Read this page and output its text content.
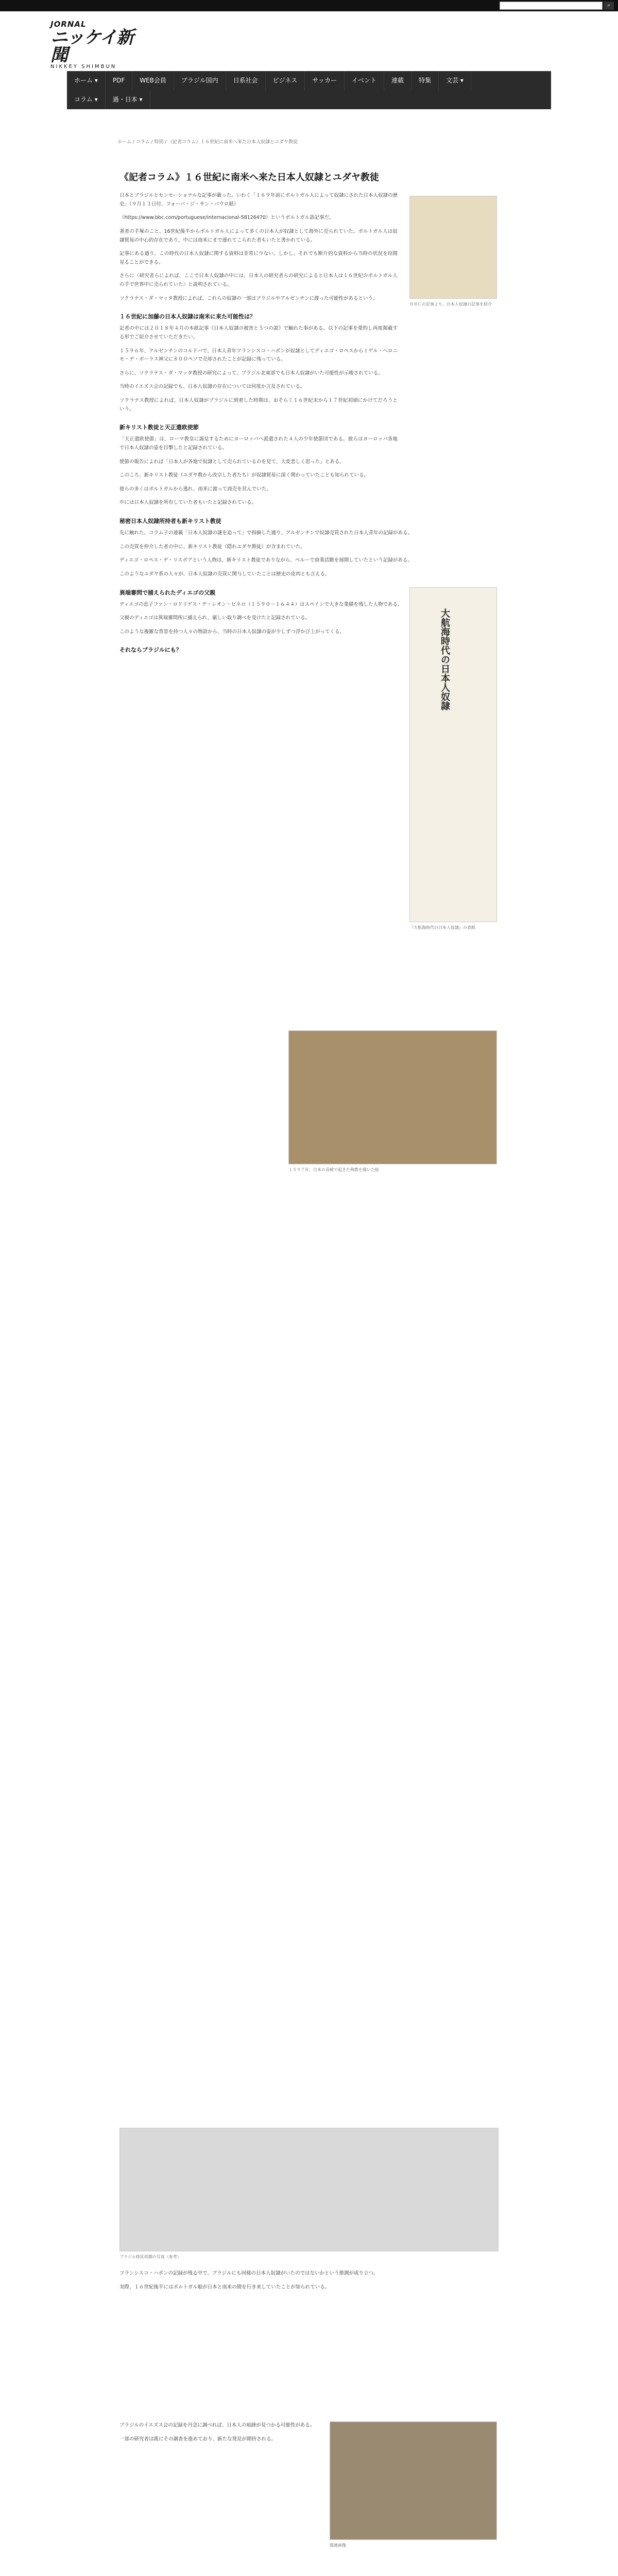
⌕
JORNAL
ニッケイ新聞
NIKKEY SHIMBUN
ホーム ▾	PDF	WEB会員	ブラジル国内	日系社会	ビジネス	サッカー	イベント	連載	特集	文芸 ▾
コラム ▾	過・日本 ▾
ホーム / コラム / 特別 / 《記者コラム》１６世紀に南米へ来た日本人奴隷とユダヤ教徒
《記者コラム》１６世紀に南米へ来た日本人奴隷とユダヤ教徒
日本とブラジルとセンセーショナルな記事が載った。いわく「１６９年前にポルトガル人によって奴隷にされた日本人奴隷の歴史」（９月１３日付、フォーバ・ジ・サン・パウロ紙）
（https://www.bbc.com/portuguese/internacional-58126470）というポルトガル語記事だ。
著者の手塚のこと、16世紀後半からポルトガル人によって多くの日本人が奴隷として海外に売られていた。ポルトガル人は奴隷貿易の中心的存在であり、中には南米にまで連れてこられた者もいたと書かれている。
記事にある通り、この時代の日本人奴隷に関する資料は非常に少ない。しかし、それでも断片的な資料から当時の状況を垣間見ることができる。
さらに〈研究者らによれば、ここで日本人奴隷の中には、日本人の研究者らの研究によると日本人は１６世紀のポルトガル人の手で世界中に売られていた〉と説明されている。
ソクラテス・ダ・マッタ教授によれば、これらの奴隷の一部はブラジルやアルゼンチンに渡った可能性があるという。
１６世紀に加藤の日本人奴隷は南米に来た可能性は？
記者の中には２０１８年４月の本紙記事《日本人奴隷の被害と５つの説》で触れた事がある。以下の記事を要約し再度掲載する形でご紹介させていただきたい。
１５９６年、アルゼンチンのコルドバで、日本人青年フランシスコ・ハポンが奴隷としてディエゴ・ロペスからミゲル・ヘロニモ・デ・ポーラス神父に８００ペソで売却されたことが記録に残っている。
さらに、ソクラテス・ダ・マッタ教授の研究によって、ブラジル北東部でも日本人奴隷がいた可能性が示唆されている。
当時のイエズス会の記録でも、日本人奴隷の存在については何度か言及されている。
ソクラテス教授によれば、日本人奴隷がブラジルに到着した時期は、おそらく１６世紀末から１７世紀初頭にかけてだろうという。
新キリスト教徒と天正遣欧使節
「天正遣欧使節」は、ローマ教皇に謁見するためにヨーロッパへ派遣された４人の少年使節団である。彼らはヨーロッパ各地で日本人奴隷の姿を目撃したと記録されている。
使節の報告によれば「日本人が各地で奴隷として売られているのを見て、大変悲しく思った」とある。
このころ、新キリスト教徒（ユダヤ教から改宗した者たち）が奴隷貿易に深く関わっていたことも知られている。
彼らの多くはポルトガルから逃れ、南米に渡って商売を営んでいた。
中には日本人奴隷を所有していた者もいたと記録されている。
秘密日本人奴隷所持者も新キリスト教徒
先に触れた、コラム子の連載「日本人奴隷の謎を追って」で指摘した通り、アルゼンチンで奴隷売買された日本人青年の記録がある。
この売買を仲介した者の中に、新キリスト教徒（隠れユダヤ教徒）が含まれていた。
ディエゴ・ロペス・デ・リスボアという人物は、新キリスト教徒でありながら、ペルーで商業活動を展開していたという記録がある。
このようなユダヤ系の人々が、日本人奴隷の売買に関与していたことは歴史の皮肉とも言える。
異端審問で捕えられたディエゴの父親
ディエゴの息子ファン・ロドリゲス・デ・レオン・ピネロ（１５９０〜１６４４）はスペインで大きな業績を残した人物である。
父親のディエゴは異端審問所に捕えられ、厳しい取り調べを受けたと記録されている。
このような複雑な背景を持つ人々の物語から、当時の日本人奴隷の姿が少しずつ浮かび上がってくる。
それならブラジルにも？
ＢＢＣの記事より。日本人奴隷の記事を紹介
大航海時代の日本人奴隷
『大航海時代の日本人奴隷』の表紙
１５９７年、日本の長崎で起きた殉教を描いた絵
ブラジル移民初期の写真（参考）
関連画像
フランシスコ・ハポンの記録が残る中で、ブラジルにも同様の日本人奴隷がいたのではないかという推測が成り立つ。
実際、１６世紀後半にはポルトガル船が日本と南米の間を行き来していたことが知られている。
ブラジルのイエズス会の記録を丹念に調べれば、日本人の痕跡が見つかる可能性がある。
一部の研究者は既にその調査を進めており、新たな発見が期待される。
